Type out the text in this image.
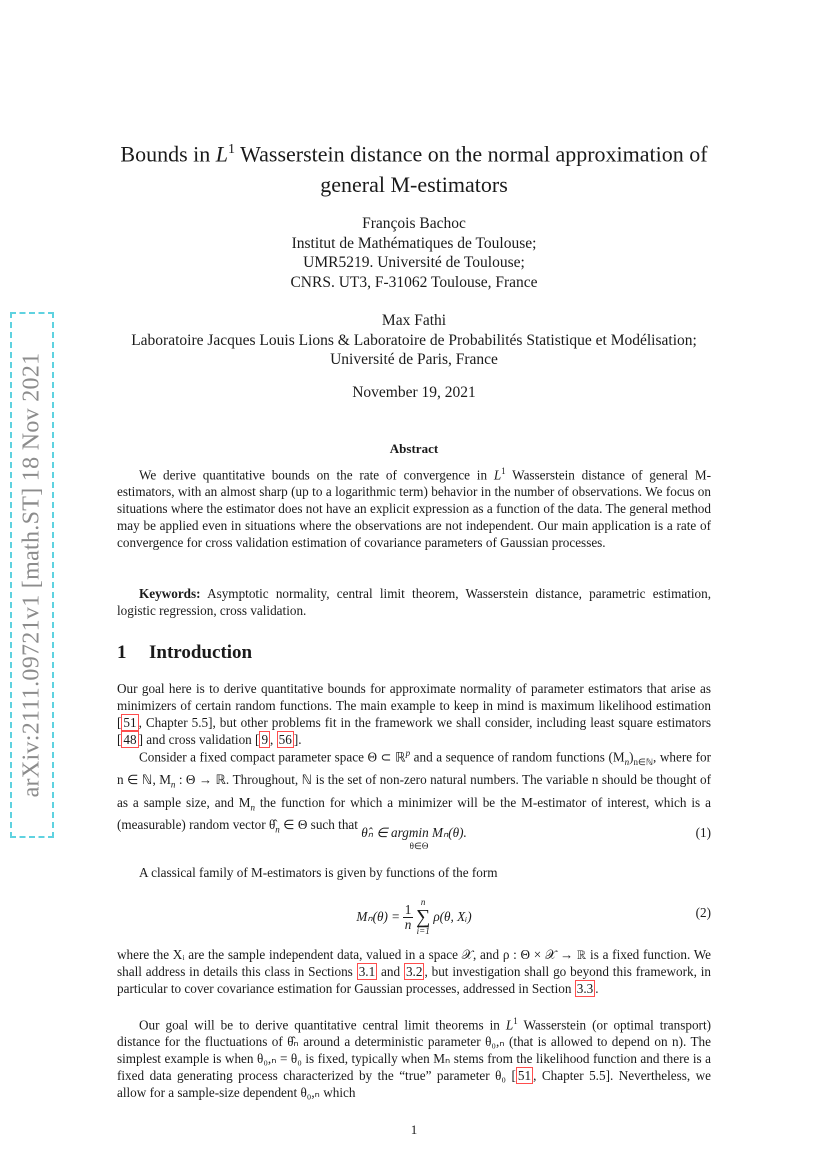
arXiv:2111.09721v1 [math.ST] 18 Nov 2021
Bounds in $L^1$ Wasserstein distance on the normal approximation of
general M-estimators
François Bachoc
Institut de Mathématiques de Toulouse;
UMR5219. Université de Toulouse;
CNRS. UT3, F-31062 Toulouse, France
Max Fathi
Laboratoire Jacques Louis Lions & Laboratoire de Probabilités Statistique et Modélisation;
Université de Paris, France
November 19, 2021
Abstract
We derive quantitative bounds on the rate of convergence in $L^1$ Wasserstein distance of general M-estimators, with an almost sharp (up to a logarithmic term) behavior in the number of observations. We focus on situations where the estimator does not have an explicit expression as a function of the data. The general method may be applied even in situations where the observations are not independent. Our main application is a rate of convergence for cross validation estimation of covariance parameters of Gaussian processes.
Keywords: Asymptotic normality, central limit theorem, Wasserstein distance, parametric estimation, logistic regression, cross validation.
1 Introduction
Our goal here is to derive quantitative bounds for approximate normality of parameter estimators that arise as minimizers of certain random functions. The main example to keep in mind is maximum likelihood estimation [ 51 , Chapter 5.5], but other problems fit in the framework we shall consider, including least square estimators [ 48 ] and cross validation [ 9 , 56 ].
Consider a fixed compact parameter space Θ ⊂ ℝ$^p$ and a sequence of random functions $(M_n)_{n\in ℕ}$, where for n ∈ ℕ, $M_n$ : Θ → ℝ. Throughout, ℕ is the set of non-zero natural numbers. The variable n should be thought of as a sample size, and $M_n$ the function for which a minimizer will be the M-estimator of interest, which is a (measurable) random vector $\thetâ_n$ ∈ Θ such that
θ̂ₙ ∈ argmin Mₙ(θ).
θ∈Θ
(1)
A classical family of M-estimators is given by functions of the form
Mₙ(θ) = 1
n
n
∑
i=1
ρ(θ, Xᵢ)	(2)
where the Xᵢ are the sample independent data, valued in a space 𝒳, and ρ : Θ × 𝒳 → ℝ is a fixed function. We shall address in details this class in Sections 3.1 and 3.2 , but investigation shall go beyond this framework, in particular to cover covariance estimation for Gaussian processes, addressed in Section 3.3 .
Our goal will be to derive quantitative central limit theorems in $L^1$ Wasserstein (or optimal transport) distance for the fluctuations of θ̂ₙ around a deterministic parameter θ₀,ₙ (that is allowed to depend on n). The simplest example is when θ₀,ₙ = θ₀ is fixed, typically when Mₙ stems from the likelihood function and there is a fixed data generating process characterized by the “true” parameter θ₀ [ 51 , Chapter 5.5]. Nevertheless, we allow for a sample-size dependent θ₀,ₙ which
1
